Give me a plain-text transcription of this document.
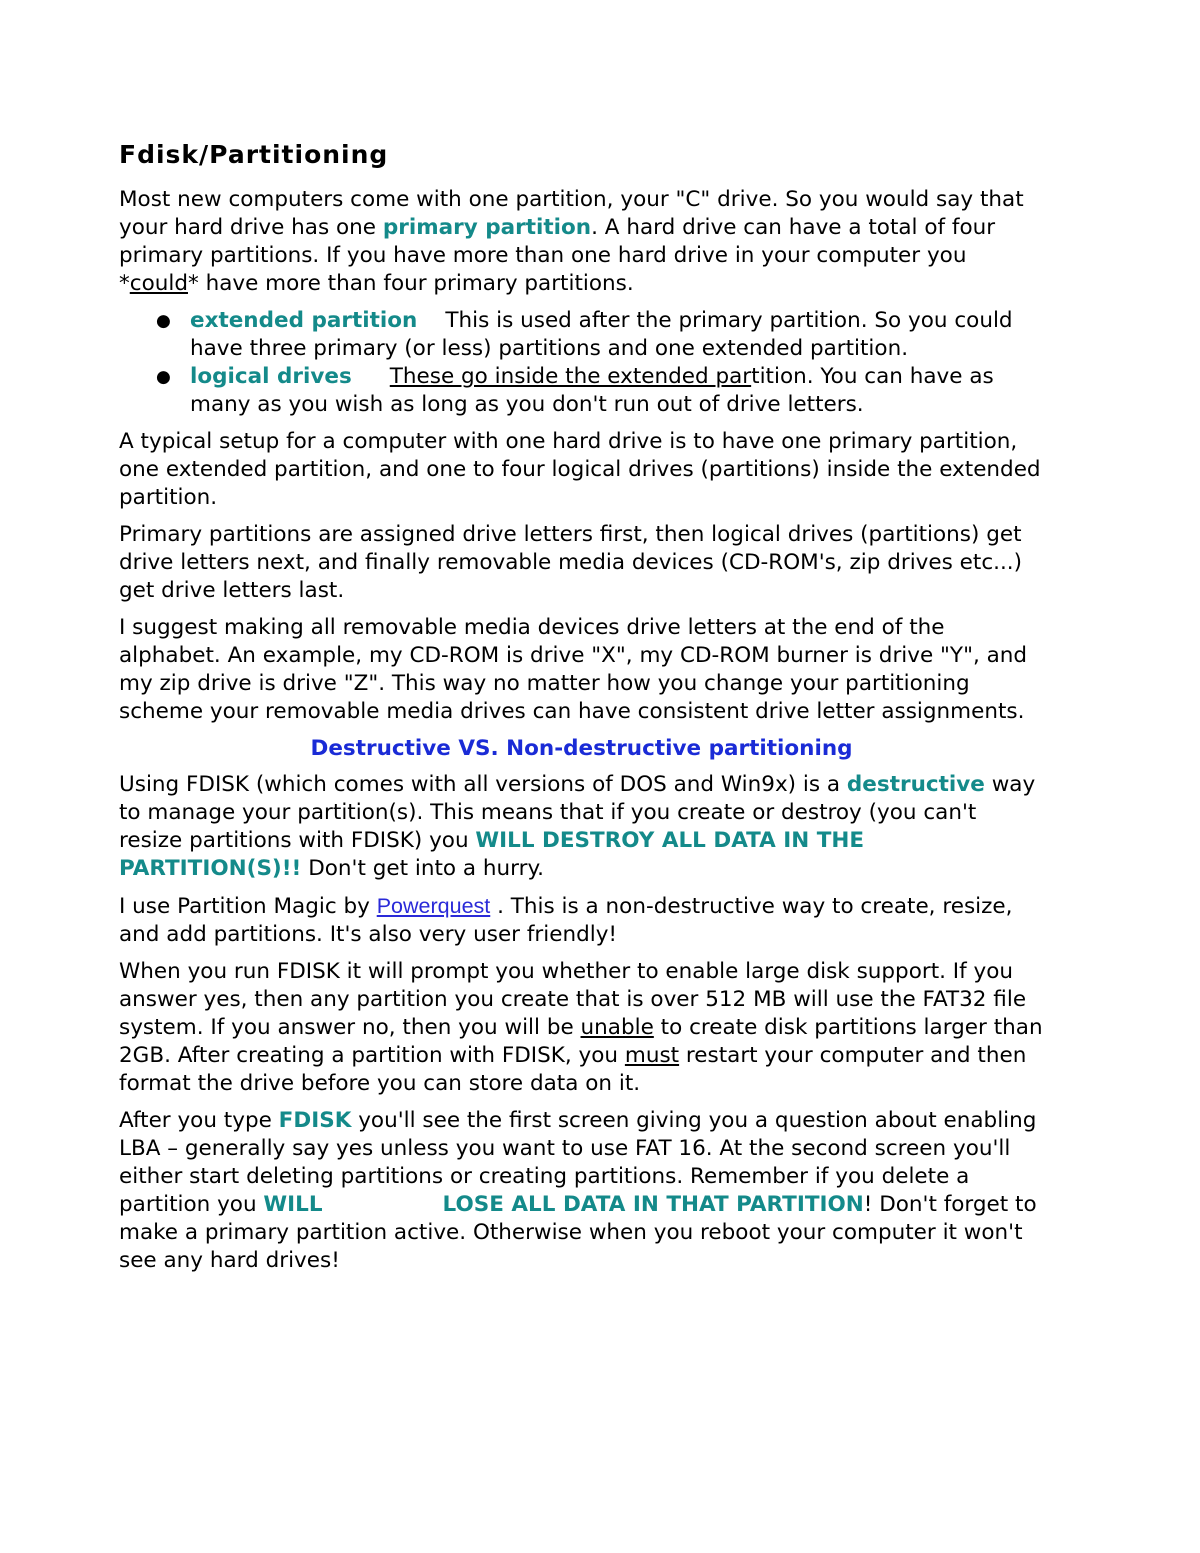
Fdisk/Partitioning

Most new computers come with one partition, your "C" drive. So you would say that your hard drive has one primary partition. A hard drive can have a total of four primary partitions. If you have more than one hard drive in your computer you *could* have more than four primary partitions.

● extended partition This is used after the primary partition. So you could have three primary (or less) partitions and one extended partition.
● logical drives These go inside the extended partition. You can have as many as you wish as long as you don't run out of drive letters.

A typical setup for a computer with one hard drive is to have one primary partition, one extended partition, and one to four logical drives (partitions) inside the extended partition.

Primary partitions are assigned drive letters first, then logical drives (partitions) get drive letters next, and finally removable media devices (CD-ROM's, zip drives etc...) get drive letters last.

I suggest making all removable media devices drive letters at the end of the alphabet. An example, my CD-ROM is drive "X", my CD-ROM burner is drive "Y", and my zip drive is drive "Z". This way no matter how you change your partitioning scheme your removable media drives can have consistent drive letter assignments.

Destructive VS. Non-destructive partitioning

Using FDISK (which comes with all versions of DOS and Win9x) is a destructive way to manage your partition(s). This means that if you create or destroy (you can't resize partitions with FDISK) you WILL DESTROY ALL DATA IN THE PARTITION(S)!! Don't get into a hurry.

I use Partition Magic by Powerquest . This is a non-destructive way to create, resize, and add partitions. It's also very user friendly!

When you run FDISK it will prompt you whether to enable large disk support. If you answer yes, then any partition you create that is over 512 MB will use the FAT32 file system. If you answer no, then you will be unable to create disk partitions larger than 2GB. After creating a partition with FDISK, you must restart your computer and then format the drive before you can store data on it.

After you type FDISK you'll see the first screen giving you a question about enabling LBA – generally say yes unless you want to use FAT 16. At the second screen you'll either start deleting partitions or creating partitions. Remember if you delete a partition you WILL	LOSE ALL DATA IN THAT PARTITION! Don't forget to make a primary partition active. Otherwise when you reboot your computer it won't see any hard drives!
